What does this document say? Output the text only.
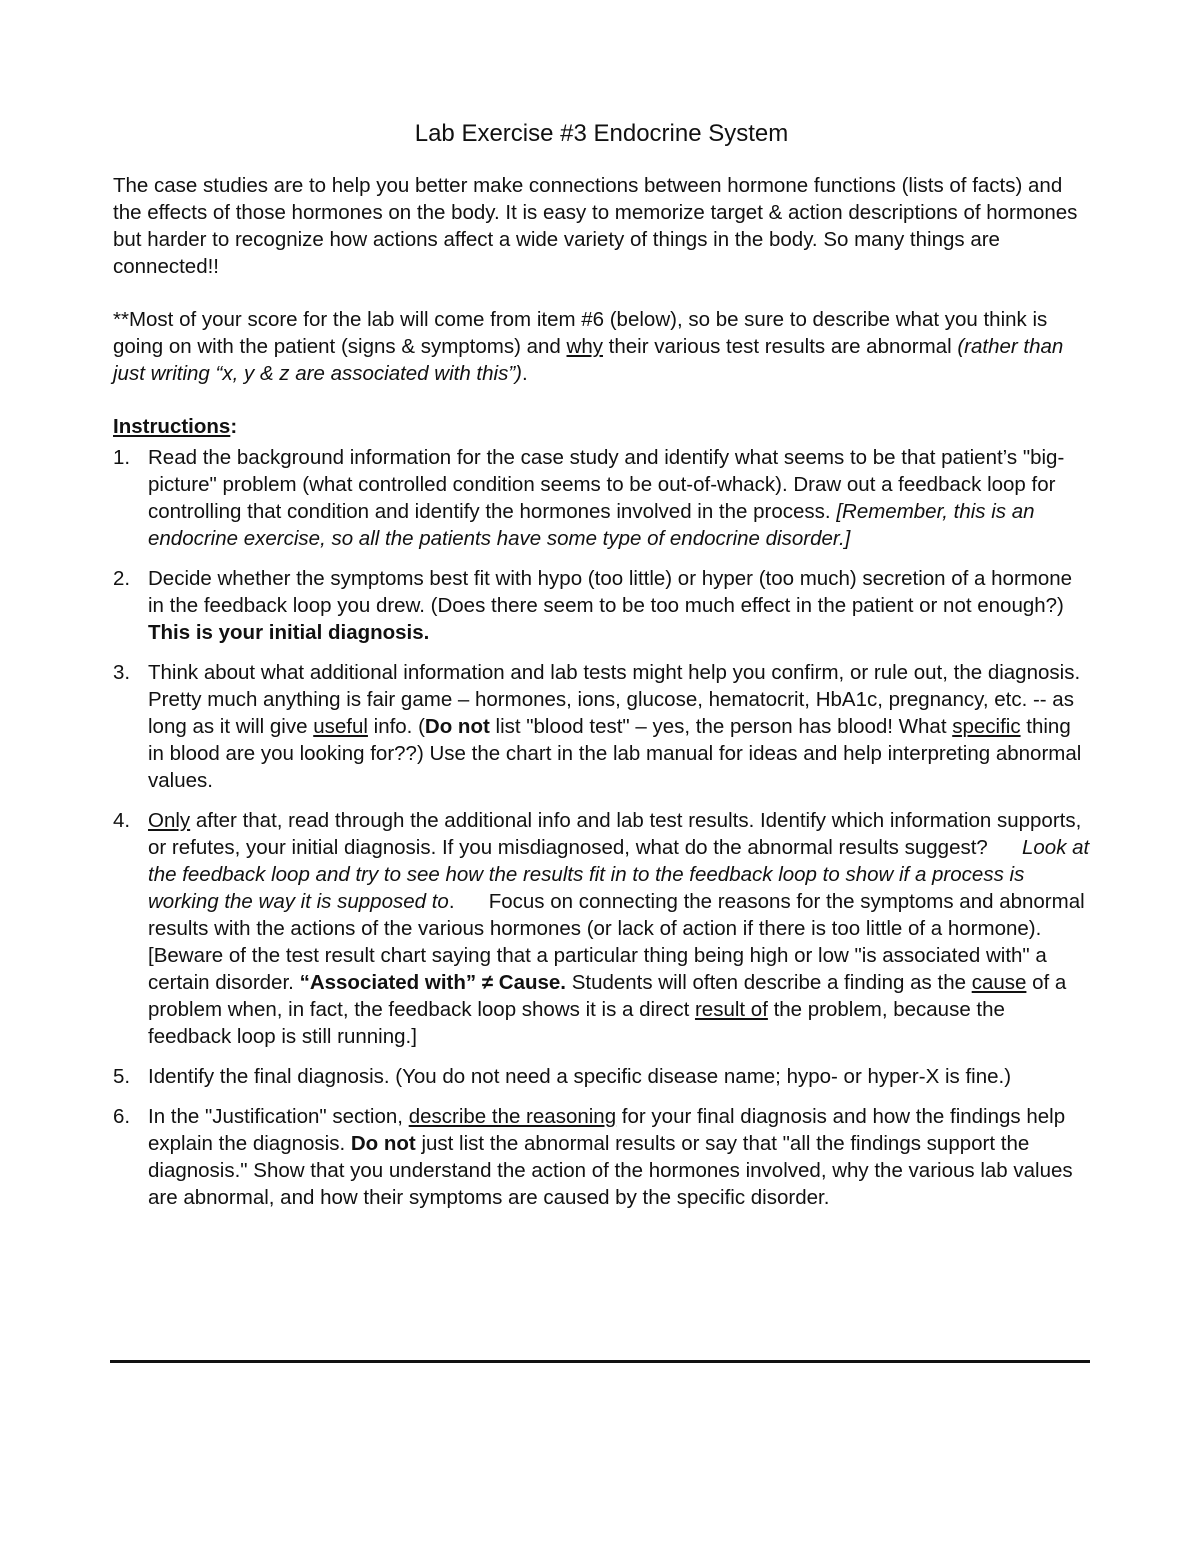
Lab Exercise #3 Endocrine System

The case studies are to help you better make connections between hormone functions (lists of facts) and the effects of those hormones on the body. It is easy to memorize target & action descriptions of hormones but harder to recognize how actions affect a wide variety of things in the body. So many things are connected!!

**Most of your score for the lab will come from item #6 (below), so be sure to describe what you think is going on with the patient (signs & symptoms) and why their various test results are abnormal (rather than just writing “x, y & z are associated with this”).

Instructions:

1. Read the background information for the case study and identify what seems to be that patient’s "big-picture" problem (what controlled condition seems to be out-of-whack). Draw out a feedback loop for controlling that condition and identify the hormones involved in the process. [Remember, this is an endocrine exercise, so all the patients have some type of endocrine disorder.]
2. Decide whether the symptoms best fit with hypo (too little) or hyper (too much) secretion of a hormone in the feedback loop you drew. (Does there seem to be too much effect in the patient or not enough?) This is your initial diagnosis.
3. Think about what additional information and lab tests might help you confirm, or rule out, the diagnosis. Pretty much anything is fair game – hormones, ions, glucose, hematocrit, HbA1c, pregnancy, etc. -- as long as it will give useful info. (Do not list "blood test" – yes, the person has blood! What specific thing in blood are you looking for??) Use the chart in the lab manual for ideas and help interpreting abnormal values.
4. Only after that, read through the additional info and lab test results. Identify which information supports, or refutes, your initial diagnosis. If you misdiagnosed, what do the abnormal results suggest?      Look at the feedback loop and try to see how the results fit in to the feedback loop to show if a process is working the way it is supposed to.      Focus on connecting the reasons for the symptoms and abnormal results with the actions of the various hormones (or lack of action if there is too little of a hormone).      [Beware of the test result chart saying that a particular thing being high or low "is associated with" a certain disorder. “Associated with” ≠ Cause. Students will often describe a finding as the cause of a problem when, in fact, the feedback loop shows it is a direct result of the problem, because the feedback loop is still running.]
5. Identify the final diagnosis. (You do not need a specific disease name; hypo- or hyper-X is fine.)
6. In the "Justification" section, describe the reasoning for your final diagnosis and how the findings help explain the diagnosis. Do not just list the abnormal results or say that "all the findings support the diagnosis." Show that you understand the action of the hormones involved, why the various lab values are abnormal, and how their symptoms are caused by the specific disorder.
